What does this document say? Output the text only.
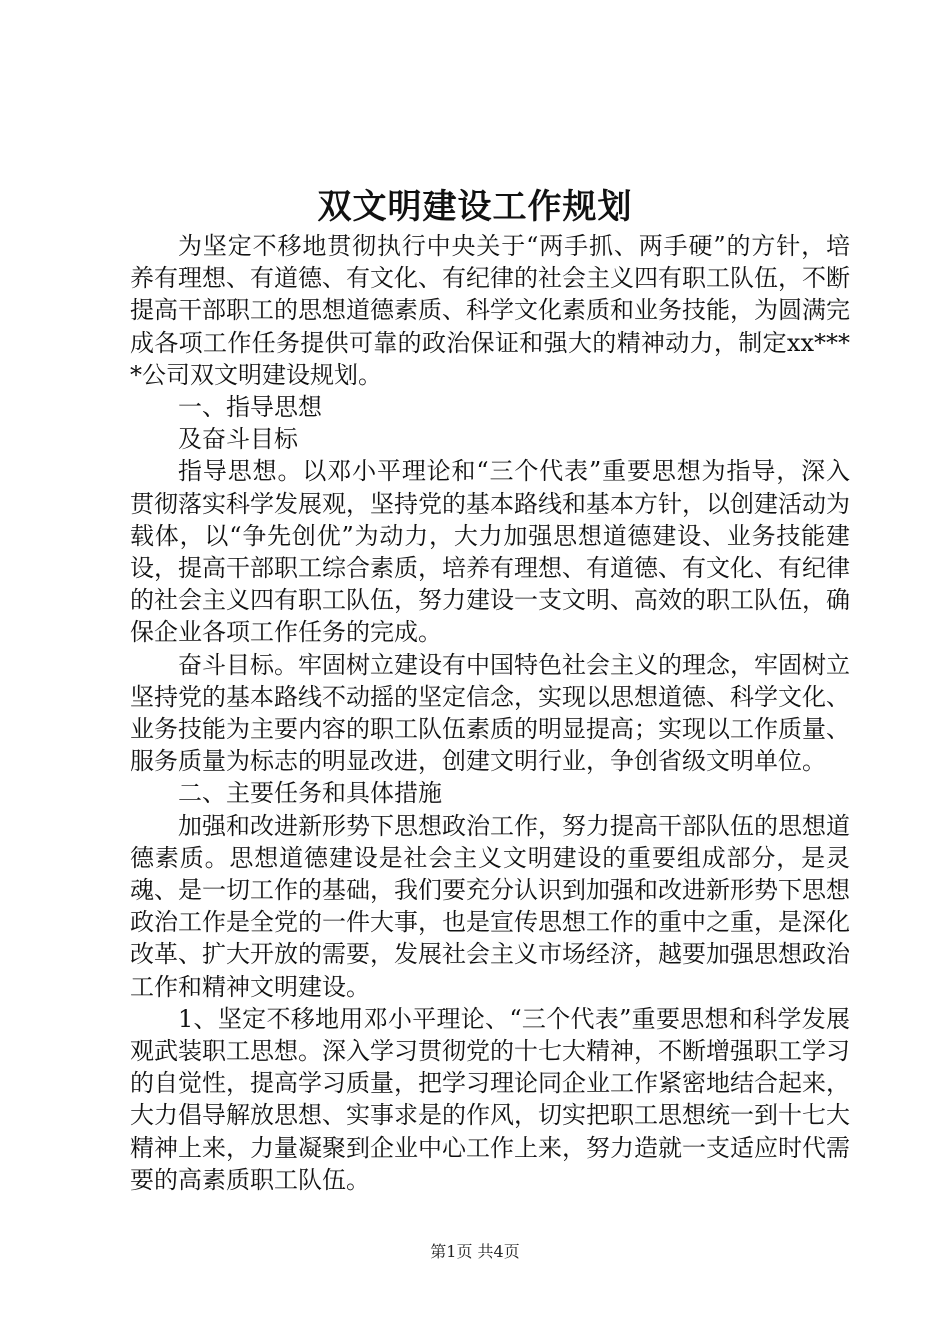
双文明建设工作规划

为坚定不移地贯彻执行中央关于“两手抓、两手硬”的方针，培养有理想、有道德、有文化、有纪律的社会主义四有职工队伍，不断提高干部职工的思想道德素质、科学文化素质和业务技能，为圆满完成各项工作任务提供可靠的政治保证和强大的精神动力，制定xx****公司双文明建设规划。

一、指导思想

及奋斗目标

指导思想。以邓小平理论和“三个代表”重要思想为指导，深入贯彻落实科学发展观，坚持党的基本路线和基本方针，以创建活动为载体，以“争先创优”为动力，大力加强思想道德建设、业务技能建设，提高干部职工综合素质，培养有理想、有道德、有文化、有纪律的社会主义四有职工队伍，努力建设一支文明、高效的职工队伍，确保企业各项工作任务的完成。

奋斗目标。牢固树立建设有中国特色社会主义的理念，牢固树立坚持党的基本路线不动摇的坚定信念，实现以思想道德、科学文化、业务技能为主要内容的职工队伍素质的明显提高；实现以工作质量、服务质量为标志的明显改进，创建文明行业，争创省级文明单位。

二、主要任务和具体措施

加强和改进新形势下思想政治工作，努力提高干部队伍的思想道德素质。思想道德建设是社会主义文明建设的重要组成部分，是灵魂、是一切工作的基础，我们要充分认识到加强和改进新形势下思想政治工作是全党的一件大事，也是宣传思想工作的重中之重，是深化改革、扩大开放的需要，发展社会主义市场经济，越要加强思想政治工作和精神文明建设。

1、坚定不移地用邓小平理论、“三个代表”重要思想和科学发展观武装职工思想。深入学习贯彻党的十七大精神，不断增强职工学习的自觉性，提高学习质量，把学习理论同企业工作紧密地结合起来，大力倡导解放思想、实事求是的作风，切实把职工思想统一到十七大精神上来，力量凝聚到企业中心工作上来，努力造就一支适应时代需要的高素质职工队伍。

第1页 共4页
